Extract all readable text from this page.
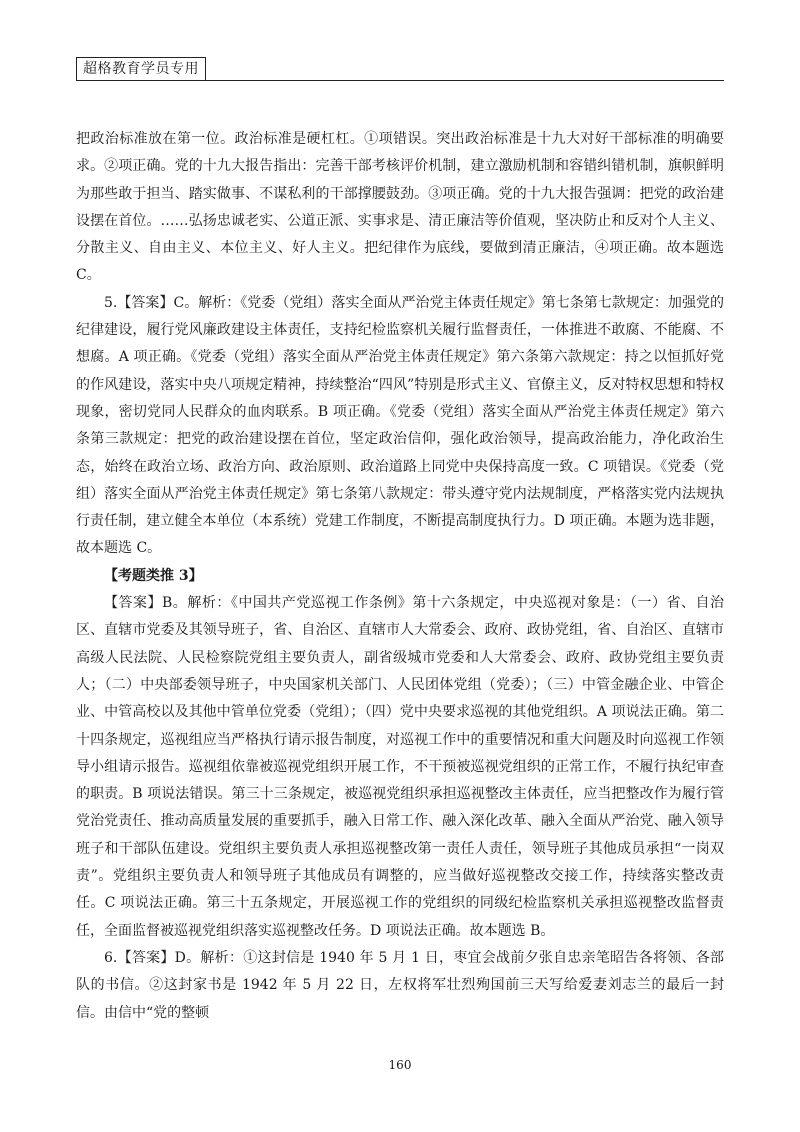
超格教育学员专用

把政治标准放在第一位。政治标准是硬杠杠。①项错误。突出政治标准是十九大对好干部标准的明确要求。②项正确。党的十九大报告指出：完善干部考核评价机制，建立激励机制和容错纠错机制，旗帜鲜明为那些敢于担当、踏实做事、不谋私利的干部撑腰鼓劲。③项正确。党的十九大报告强调：把党的政治建设摆在首位。……弘扬忠诚老实、公道正派、实事求是、清正廉洁等价值观，坚决防止和反对个人主义、分散主义、自由主义、本位主义、好人主义。把纪律作为底线，要做到清正廉洁，④项正确。故本题选 C。

5.【答案】C。解析：《党委（党组）落实全面从严治党主体责任规定》第七条第七款规定：加强党的纪律建设，履行党风廉政建设主体责任，支持纪检监察机关履行监督责任，一体推进不敢腐、不能腐、不想腐。A 项正确。《党委（党组）落实全面从严治党主体责任规定》第六条第六款规定：持之以恒抓好党的作风建设，落实中央八项规定精神，持续整治“四风”特别是形式主义、官僚主义，反对特权思想和特权现象，密切党同人民群众的血肉联系。B 项正确。《党委（党组）落实全面从严治党主体责任规定》第六条第三款规定：把党的政治建设摆在首位，坚定政治信仰，强化政治领导，提高政治能力，净化政治生态，始终在政治立场、政治方向、政治原则、政治道路上同党中央保持高度一致。C 项错误。《党委（党组）落实全面从严治党主体责任规定》第七条第八款规定：带头遵守党内法规制度，严格落实党内法规执行责任制，建立健全本单位（本系统）党建工作制度，不断提高制度执行力。D 项正确。本题为选非题，故本题选 C。

【考题类推 3】

【答案】B。解析：《中国共产党巡视工作条例》第十六条规定，中央巡视对象是：（一）省、自治区、直辖市党委及其领导班子，省、自治区、直辖市人大常委会、政府、政协党组，省、自治区、直辖市高级人民法院、人民检察院党组主要负责人，副省级城市党委和人大常委会、政府、政协党组主要负责人；（二）中央部委领导班子，中央国家机关部门、人民团体党组（党委）；（三）中管金融企业、中管企业、中管高校以及其他中管单位党委（党组）；（四）党中央要求巡视的其他党组织。A 项说法正确。第二十四条规定，巡视组应当严格执行请示报告制度，对巡视工作中的重要情况和重大问题及时向巡视工作领导小组请示报告。巡视组依靠被巡视党组织开展工作，不干预被巡视党组织的正常工作，不履行执纪审查的职责。B 项说法错误。第三十三条规定，被巡视党组织承担巡视整改主体责任，应当把整改作为履行管党治党责任、推动高质量发展的重要抓手，融入日常工作、融入深化改革、融入全面从严治党、融入领导班子和干部队伍建设。党组织主要负责人承担巡视整改第一责任人责任，领导班子其他成员承担“一岗双责”。党组织主要负责人和领导班子其他成员有调整的，应当做好巡视整改交接工作，持续落实整改责任。C 项说法正确。第三十五条规定，开展巡视工作的党组织的同级纪检监察机关承担巡视整改监督责任，全面监督被巡视党组织落实巡视整改任务。D 项说法正确。故本题选 B。

6.【答案】D。解析：①这封信是 1940 年 5 月 1 日，枣宜会战前夕张自忠亲笔昭告各将领、各部队的书信。②这封家书是 1942 年 5 月 22 日，左权将军壮烈殉国前三天写给爱妻刘志兰的最后一封信。由信中“党的整顿

160
